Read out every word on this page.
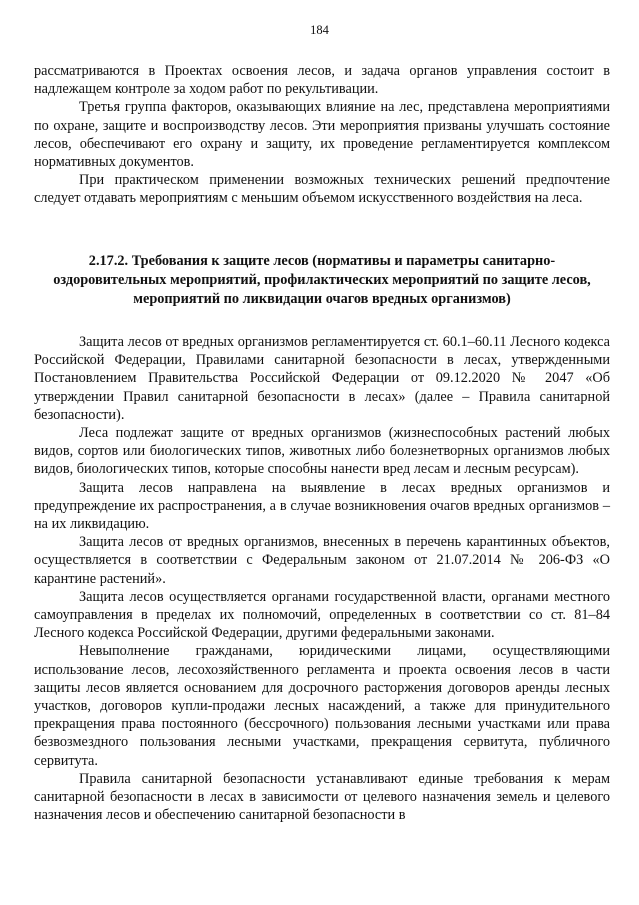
184

рассматриваются в Проектах освоения лесов, и задача органов управления состоит в надлежащем контроле за ходом работ по рекультивации.

Третья группа факторов, оказывающих влияние на лес, представлена мероприятиями по охране, защите и воспроизводству лесов. Эти мероприятия призваны улучшать состояние лесов, обеспечивают его охрану и защиту, их проведение регламентируется комплексом нормативных документов.

При практическом применении возможных технических решений предпочтение следует отдавать мероприятиям с меньшим объемом искусственного воздействия на леса.

2.17.2. Требования к защите лесов (нормативы и параметры санитарно-оздоровительных мероприятий, профилактических мероприятий по защите лесов, мероприятий по ликвидации очагов вредных организмов)

Защита лесов от вредных организмов регламентируется ст. 60.1–60.11 Лесного кодекса Российской Федерации, Правилами санитарной безопасности в лесах, утвержденными Постановлением Правительства Российской Федерации от 09.12.2020 № 2047 «Об утверждении Правил санитарной безопасности в лесах» (далее – Правила санитарной безопасности).

Леса подлежат защите от вредных организмов (жизнеспособных растений любых видов, сортов или биологических типов, животных либо болезнетворных организмов любых видов, биологических типов, которые способны нанести вред лесам и лесным ресурсам).

Защита лесов направлена на выявление в лесах вредных организмов и предупреждение их распространения, а в случае возникновения очагов вредных организмов – на их ликвидацию.

Защита лесов от вредных организмов, внесенных в перечень карантинных объектов, осуществляется в соответствии с Федеральным законом от 21.07.2014 № 206-ФЗ «О карантине растений».

Защита лесов осуществляется органами государственной власти, органами местного самоуправления в пределах их полномочий, определенных в соответствии со ст. 81–84 Лесного кодекса Российской Федерации, другими федеральными законами.

Невыполнение гражданами, юридическими лицами, осуществляющими использование лесов, лесохозяйственного регламента и проекта освоения лесов в части защиты лесов является основанием для досрочного расторжения договоров аренды лесных участков, договоров купли-продажи лесных насаждений, а также для принудительного прекращения права постоянного (бессрочного) пользования лесными участками или права безвозмездного пользования лесными участками, прекращения сервитута, публичного сервитута.

Правила санитарной безопасности устанавливают единые требования к мерам санитарной безопасности в лесах в зависимости от целевого назначения земель и целевого назначения лесов и обеспечению санитарной безопасности в
